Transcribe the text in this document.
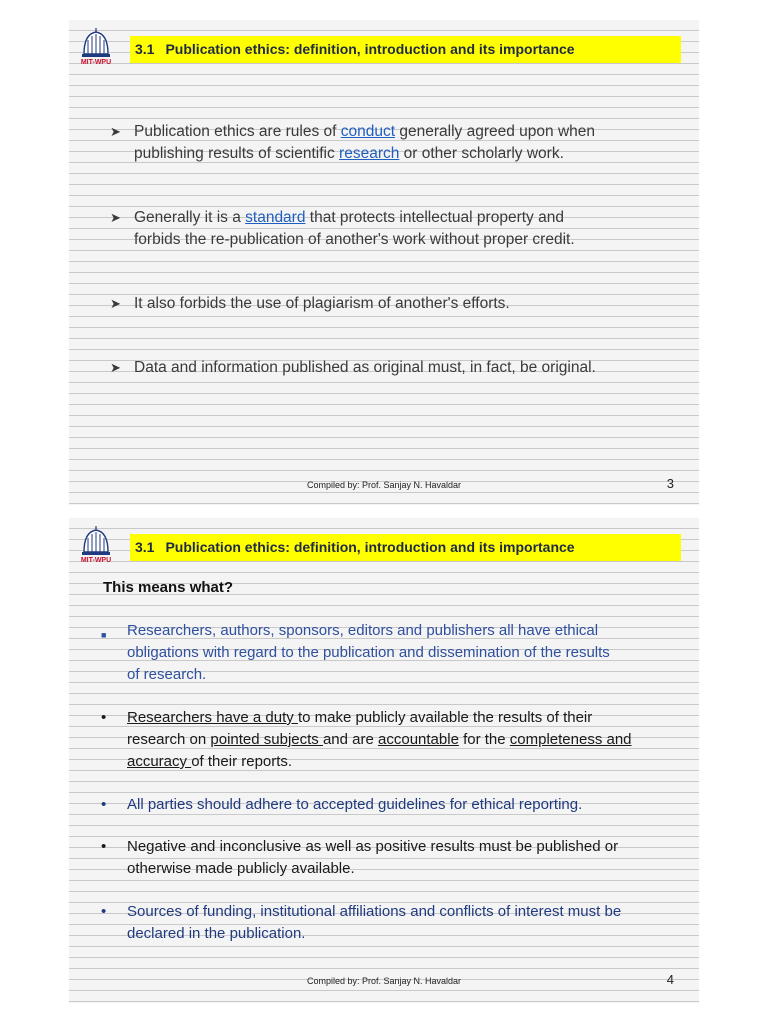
MIT-WPU
3.1 Publication ethics: definition, introduction and its importance
➤ Publication ethics are rules of conduct generally agreed upon when
publishing results of scientific research or other scholarly work.
➤ Generally it is a standard that protects intellectual property and
forbids the re-publication of another's work without proper credit.
➤ It also forbids the use of plagiarism of another's efforts.
➤ Data and information published as original must, in fact, be original.
Compiled by: Prof. Sanjay N. Havaldar	3
MIT-WPU
3.1 Publication ethics: definition, introduction and its importance
This means what?
■ Researchers, authors, sponsors, editors and publishers all have ethical
obligations with regard to the publication and dissemination of the results
of research.
• Researchers have a duty to make publicly available the results of their
research on pointed subjects and are accountable for the completeness and
accuracy of their reports.
• All parties should adhere to accepted guidelines for ethical reporting.
• Negative and inconclusive as well as positive results must be published or
otherwise made publicly available.
• Sources of funding, institutional affiliations and conflicts of interest must be
declared in the publication.
Compiled by: Prof. Sanjay N. Havaldar	4
